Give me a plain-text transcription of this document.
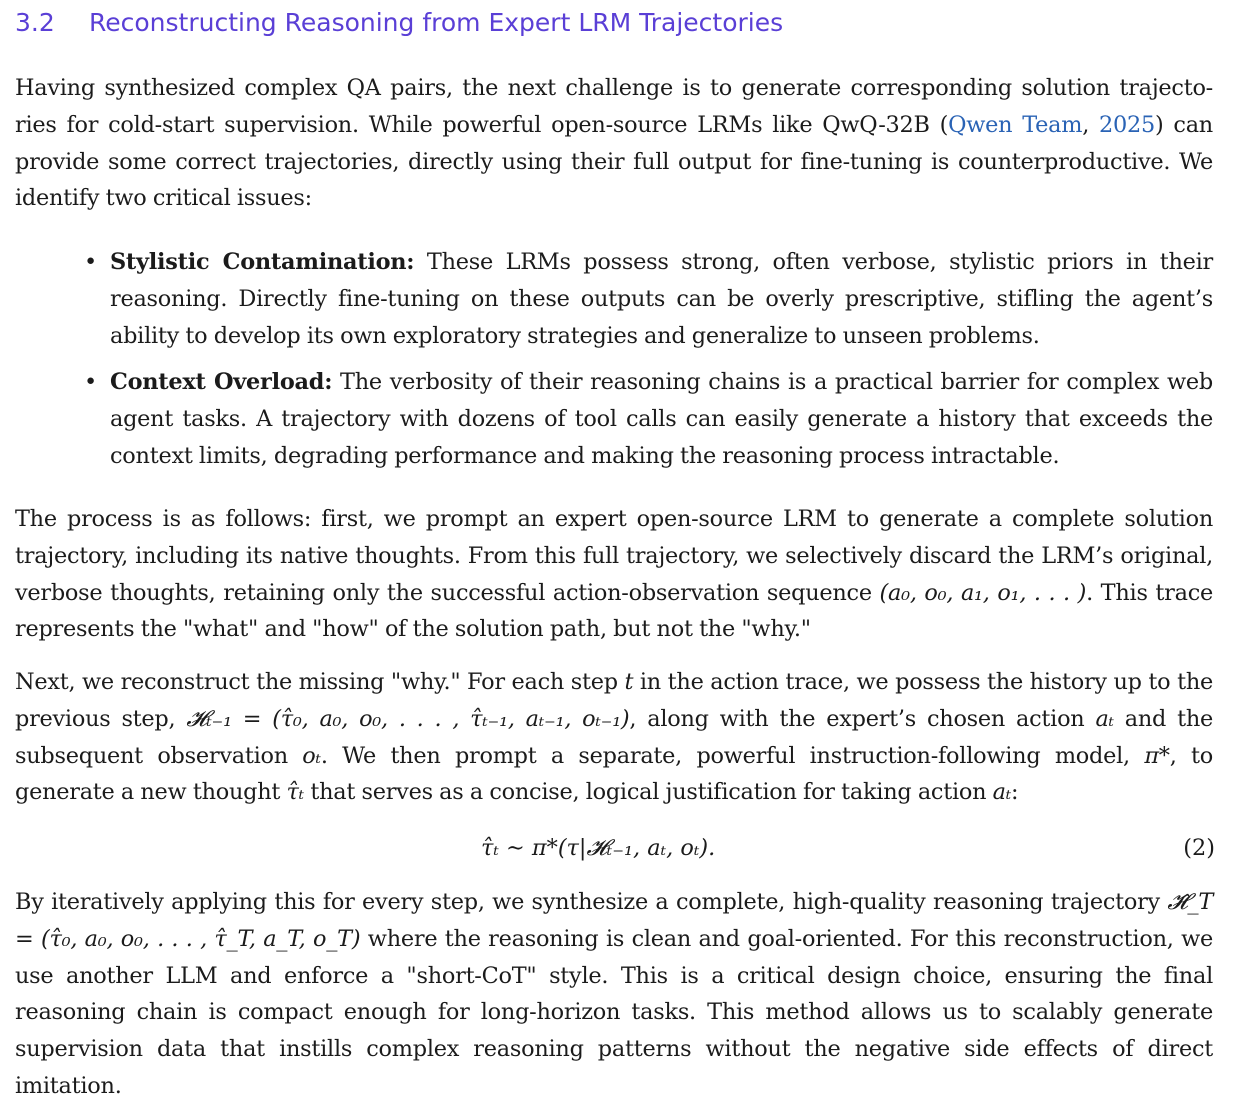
3.2 Reconstructing Reasoning from Expert LRM Trajectories

Having synthesized complex QA pairs, the next challenge is to generate corresponding solution trajecto-ries for cold-start supervision. While powerful open-source LRMs like QwQ-32B (Qwen Team, 2025) can provide some correct trajectories, directly using their full output for fine-tuning is counterproductive. We identify two critical issues:

• Stylistic Contamination: These LRMs possess strong, often verbose, stylistic priors in their reasoning. Directly fine-tuning on these outputs can be overly prescriptive, stifling the agent’s ability to develop its own exploratory strategies and generalize to unseen problems.
• Context Overload: The verbosity of their reasoning chains is a practical barrier for complex web agent tasks. A trajectory with dozens of tool calls can easily generate a history that exceeds the context limits, degrading performance and making the reasoning process intractable.

The process is as follows: first, we prompt an expert open-source LRM to generate a complete solution trajectory, including its native thoughts. From this full trajectory, we selectively discard the LRM’s original, verbose thoughts, retaining only the successful action-observation sequence (a₀, o₀, a₁, o₁, . . . ). This trace represents the "what" and "how" of the solution path, but not the "why."

Next, we reconstruct the missing "why." For each step t in the action trace, we possess the history up to the previous step, 𝓗ₜ₋₁ = (τ̂₀, a₀, o₀, . . . , τ̂ₜ₋₁, aₜ₋₁, oₜ₋₁), along with the expert’s chosen action aₜ and the subsequent observation oₜ. We then prompt a separate, powerful instruction-following model, π*, to generate a new thought τ̂ₜ that serves as a concise, logical justification for taking action aₜ:

τ̂ₜ ∼ π*(τ|𝓗ₜ₋₁, aₜ, oₜ).	(2)

By iteratively applying this for every step, we synthesize a complete, high-quality reasoning trajectory 𝓗̂_T = (τ̂₀, a₀, o₀, . . . , τ̂_T, a_T, o_T) where the reasoning is clean and goal-oriented. For this reconstruction, we use another LLM and enforce a "short-CoT" style. This is a critical design choice, ensuring the final reasoning chain is compact enough for long-horizon tasks. This method allows us to scalably generate supervision data that instills complex reasoning patterns without the negative side effects of direct imitation.
